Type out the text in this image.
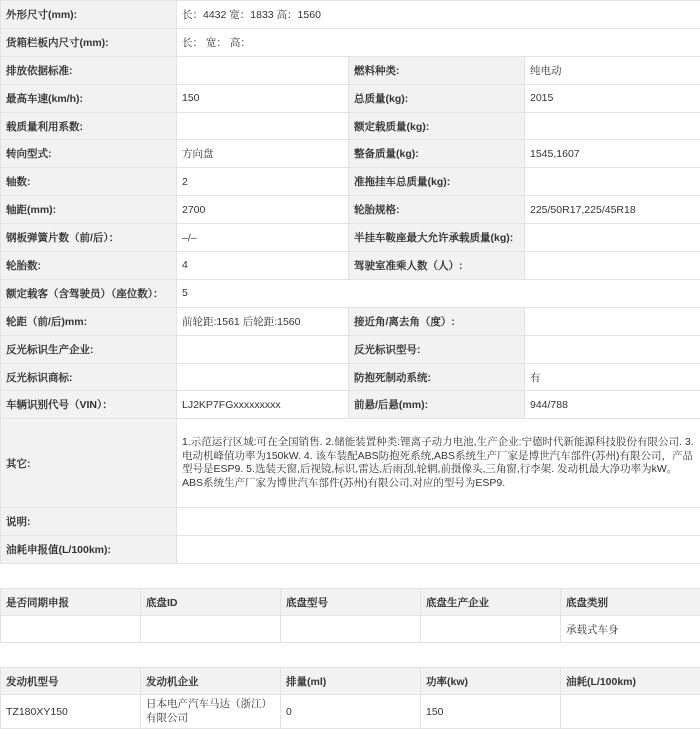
外形尺寸(mm):	长：4432 宽：1833 高：1560		
货箱栏板内尺寸(mm):	长： 宽： 高：		
排放依据标准:		燃料种类:	纯电动
最高车速(km/h):	150	总质量(kg):	2015
载质量利用系数:		额定载质量(kg):	
转向型式:	方向盘	整备质量(kg):	1545,1607
轴数:	2	准拖挂车总质量(kg):	
轴距(mm):	2700	轮胎规格:	225/50R17,225/45R18
钢板弹簧片数（前/后）：	–/–	半挂车鞍座最大允许承载质量(kg):	
轮胎数:	4	驾驶室准乘人数（人）:	
额定载客（含驾驶员）（座位数）：	5		
轮距（前/后)mm:	前轮距:1561 后轮距:1560	接近角/离去角（度）:	
反光标识生产企业:		反光标识型号:	
反光标识商标:		防抱死制动系统:	有
车辆识别代号（VIN）：	LJ2KP7FGxxxxxxxxx	前悬/后悬(mm):	944/788
其它:	1.示范运行区域:可在全国销售. 2.储能装置种类:锂离子动力电池,生产企业:宁德时代新能源科技股份有限公司. 3.电动机峰值功率为150kW. 4. 该车装配ABS防抱死系统,ABS系统生产厂家是博世汽车部件(苏州)有限公司，产品型号是ESP9. 5.选装天窗,后视镜,标识,雷达,后雨刮,轮辋,前摄像头,三角窗,行李架. 发动机最大净功率为kW。ABS系统生产厂家为博世汽车部件(苏州)有限公司,对应的型号为ESP9.		
说明:			
油耗申报值(L/100km):			
是否同期申报	底盘ID	底盘型号	底盘生产企业	底盘类别
				承载式车身
发动机型号	发动机企业	排量(ml)	功率(kw)	油耗(L/100km)
TZ180XY150	日本电产汽车马达（浙江）有限公司	0	150	
